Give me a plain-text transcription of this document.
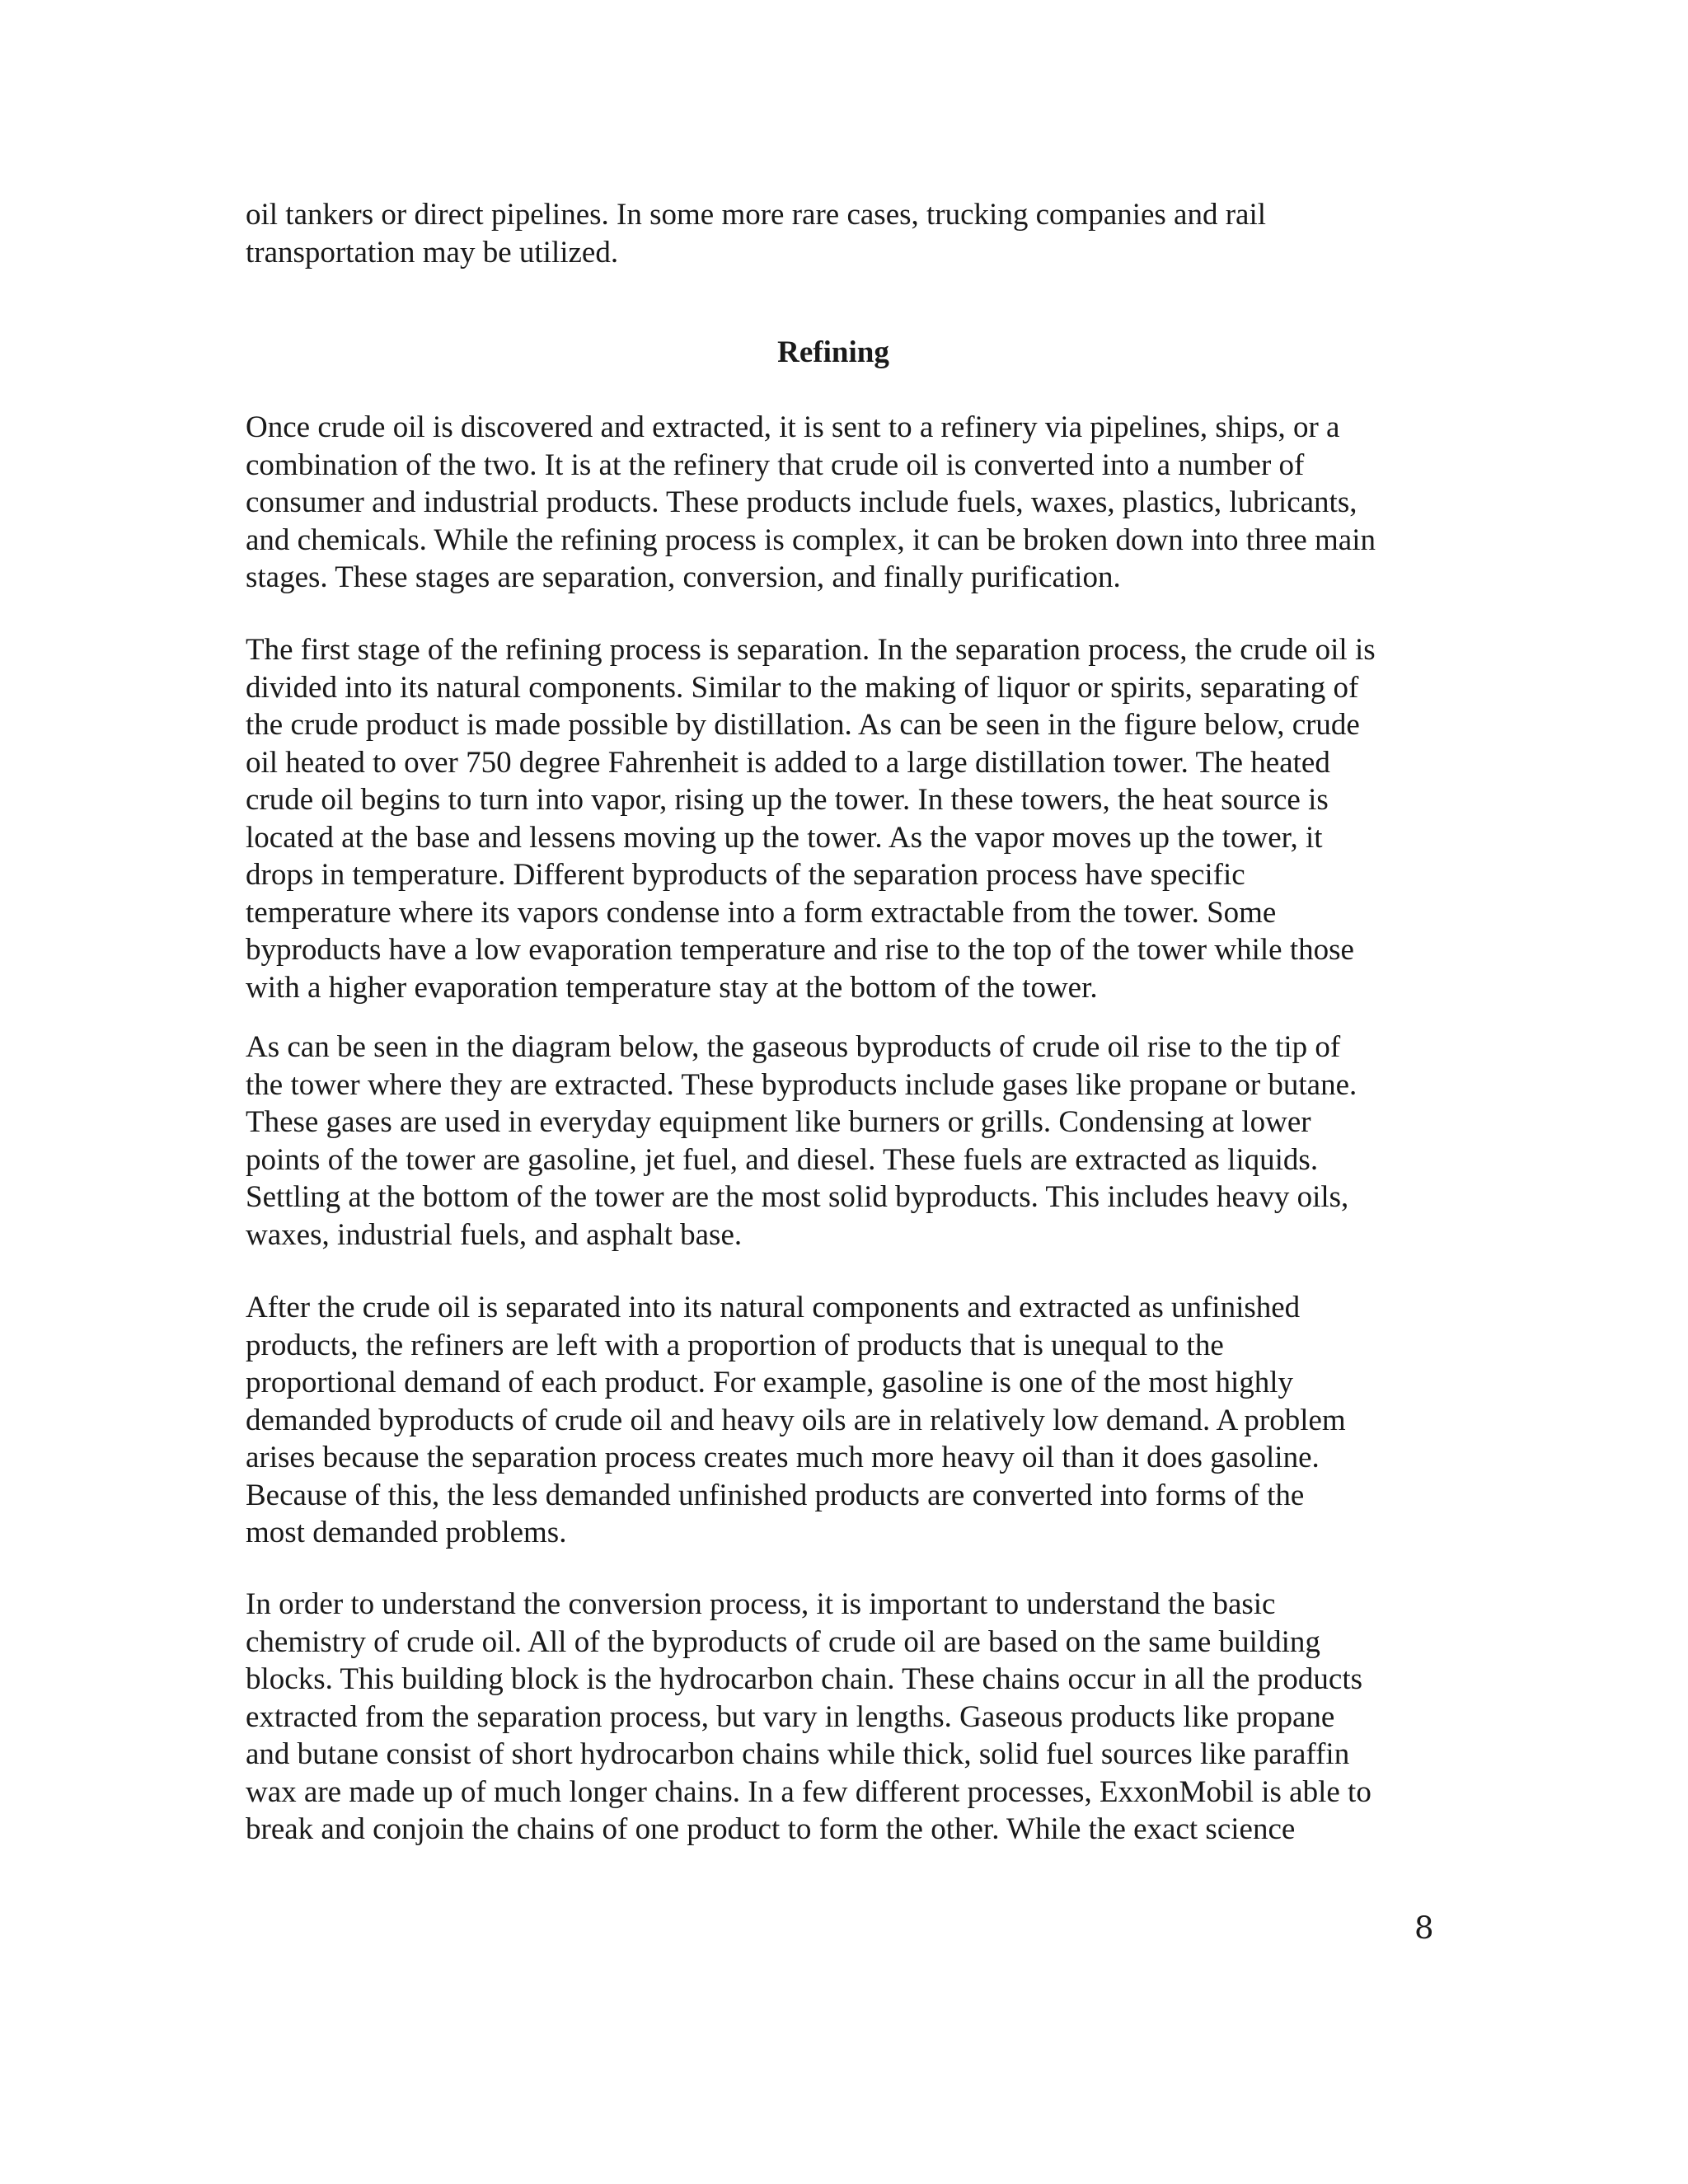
oil tankers or direct pipelines. In some more rare cases, trucking companies and rail
transportation may be utilized.
Refining
Once crude oil is discovered and extracted, it is sent to a refinery via pipelines, ships, or a
combination of the two. It is at the refinery that crude oil is converted into a number of
consumer and industrial products. These products include fuels, waxes, plastics, lubricants,
and chemicals. While the refining process is complex, it can be broken down into three main
stages. These stages are separation, conversion, and finally purification.
The first stage of the refining process is separation. In the separation process, the crude oil is
divided into its natural components. Similar to the making of liquor or spirits, separating of
the crude product is made possible by distillation. As can be seen in the figure below, crude
oil heated to over 750 degree Fahrenheit is added to a large distillation tower. The heated
crude oil begins to turn into vapor, rising up the tower. In these towers, the heat source is
located at the base and lessens moving up the tower. As the vapor moves up the tower, it
drops in temperature. Different byproducts of the separation process have specific
temperature where its vapors condense into a form extractable from the tower. Some
byproducts have a low evaporation temperature and rise to the top of the tower while those
with a higher evaporation temperature stay at the bottom of the tower.
As can be seen in the diagram below, the gaseous byproducts of crude oil rise to the tip of
the tower where they are extracted. These byproducts include gases like propane or butane.
These gases are used in everyday equipment like burners or grills. Condensing at lower
points of the tower are gasoline, jet fuel, and diesel. These fuels are extracted as liquids.
Settling at the bottom of the tower are the most solid byproducts. This includes heavy oils,
waxes, industrial fuels, and asphalt base.
After the crude oil is separated into its natural components and extracted as unfinished
products, the refiners are left with a proportion of products that is unequal to the
proportional demand of each product. For example, gasoline is one of the most highly
demanded byproducts of crude oil and heavy oils are in relatively low demand. A problem
arises because the separation process creates much more heavy oil than it does gasoline.
Because of this, the less demanded unfinished products are converted into forms of the
most demanded problems.
In order to understand the conversion process, it is important to understand the basic
chemistry of crude oil. All of the byproducts of crude oil are based on the same building
blocks. This building block is the hydrocarbon chain. These chains occur in all the products
extracted from the separation process, but vary in lengths. Gaseous products like propane
and butane consist of short hydrocarbon chains while thick, solid fuel sources like paraffin
wax are made up of much longer chains. In a few different processes, ExxonMobil is able to
break and conjoin the chains of one product to form the other. While the exact science
8
